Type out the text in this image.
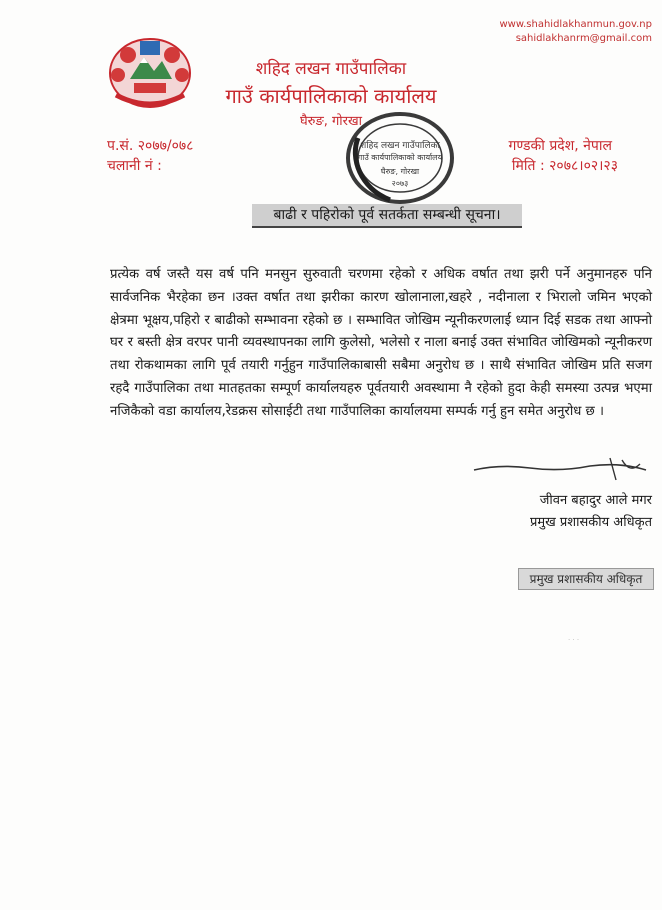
www.shahidlakhanmun.gov.np
sahidlakhanrm@gmail.com
शहिद लखन गाउँपालिका
गाउँ कार्यपालिकाको कार्यालय
घैरुङ, गोरखा
प.सं. २०७७/०७८
चलानी नं :
गण्डकी प्रदेश, नेपाल
मिति : २०७८।०२।२३
शहिद लखन गाउँपालिका
गाउँ कार्यपालिकाको कार्यालय
घैरुङ, गोरखा
२०७३
बाढी र पहिरोको पूर्व सतर्कता सम्बन्धी सूचना।
प्रत्येक वर्ष जस्तै यस वर्ष पनि मनसुन सुरुवाती चरणमा रहेको र अधिक वर्षात तथा झरी पर्ने अनुमानहरु पनि सार्वजनिक भैरहेका छन ।उक्त वर्षात तथा झरीका कारण खोलानाला,खहरे , नदीनाला र भिरालो जमिन भएको क्षेत्रमा भूक्षय,पहिरो र बाढीको सम्भावना रहेको छ । सम्भावित जोखिम न्यूनीकरणलाई ध्यान दिई सडक तथा आफ्नो घर र बस्ती क्षेत्र वरपर पानी व्यवस्थापनका लागि कुलेसो, भलेसो र नाला बनाई उक्त संभावित जोखिमको न्यूनीकरण तथा रोकथामका लागि पूर्व तयारी गर्नुहुन गाउँपालिकाबासी सबैमा अनुरोध छ । साथै संभावित जोखिम प्रति सजग रहदै गाउँपालिका तथा मातहतका सम्पूर्ण कार्यालयहरु पूर्वतयारी अवस्थामा नै रहेको हुदा केही समस्या उत्पन्न भएमा नजिकैको वडा कार्यालय,रेडक्रस सोसाईटी तथा गाउँपालिका कार्यालयमा सम्पर्क गर्नु हुन समेत अनुरोध छ ।
जीवन बहादुर आले मगर
प्रमुख प्रशासकीय अधिकृत
प्रमुख प्रशासकीय अधिकृत
· · ·
